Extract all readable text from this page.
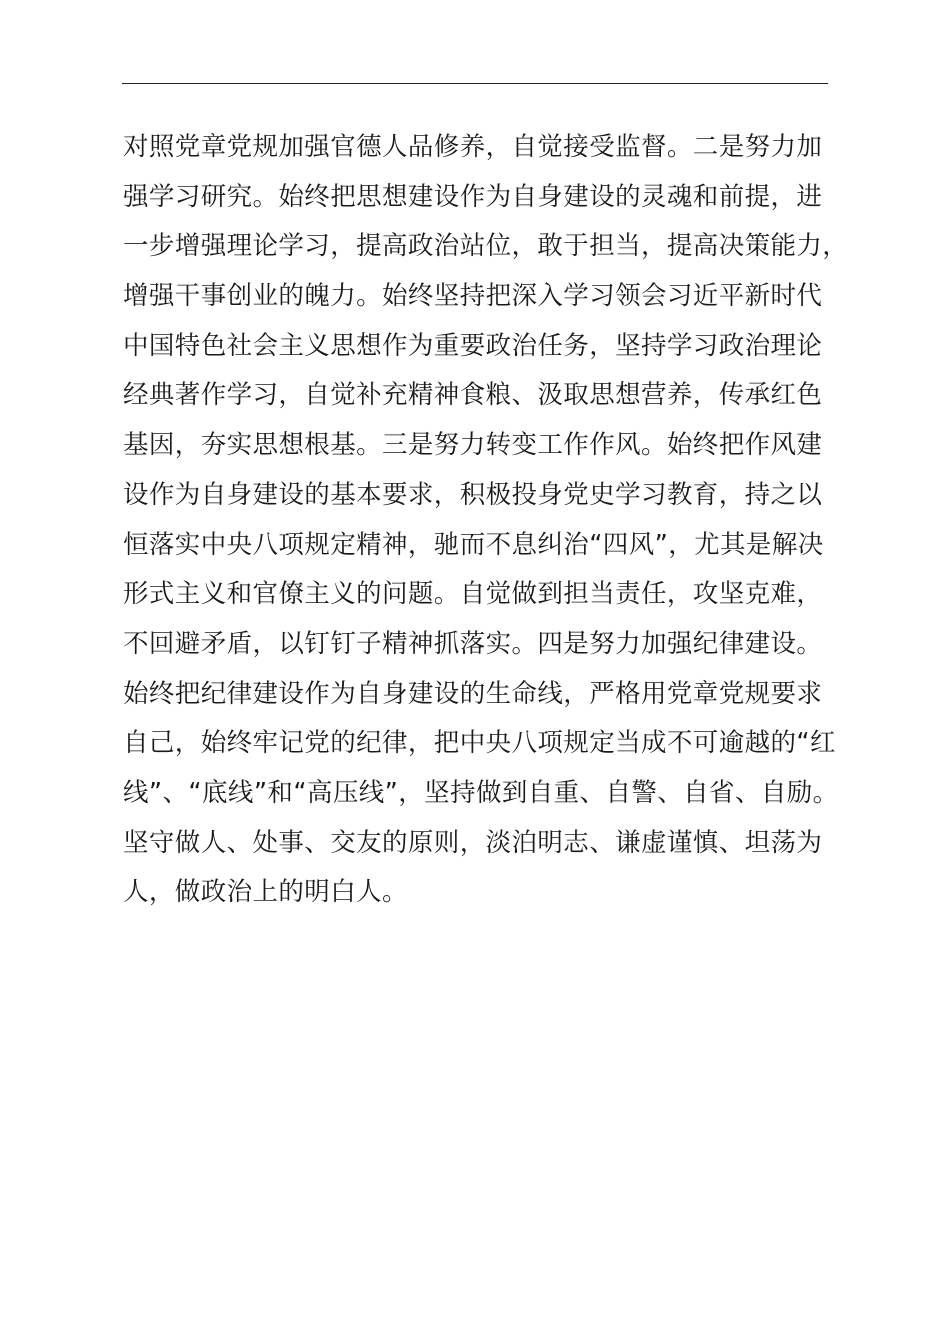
对照党章党规加强官德人品修养，自觉接受监督。二是努力加
强学习研究。始终把思想建设作为自身建设的灵魂和前提，进
一步增强理论学习，提高政治站位，敢于担当，提高决策能力，
增强干事创业的魄力。始终坚持把深入学习领会习近平新时代
中国特色社会主义思想作为重要政治任务，坚持学习政治理论
经典著作学习，自觉补充精神食粮、汲取思想营养，传承红色
基因，夯实思想根基。三是努力转变工作作风。始终把作风建
设作为自身建设的基本要求，积极投身党史学习教育，持之以
恒落实中央八项规定精神，驰而不息纠治“四风”，尤其是解决
形式主义和官僚主义的问题。自觉做到担当责任，攻坚克难，
不回避矛盾，以钉钉子精神抓落实。四是努力加强纪律建设。
始终把纪律建设作为自身建设的生命线，严格用党章党规要求
自己，始终牢记党的纪律，把中央八项规定当成不可逾越的“红
线”、“底线”和“高压线”，坚持做到自重、自警、自省、自励。
坚守做人、处事、交友的原则，淡泊明志、谦虚谨慎、坦荡为
人，做政治上的明白人。
